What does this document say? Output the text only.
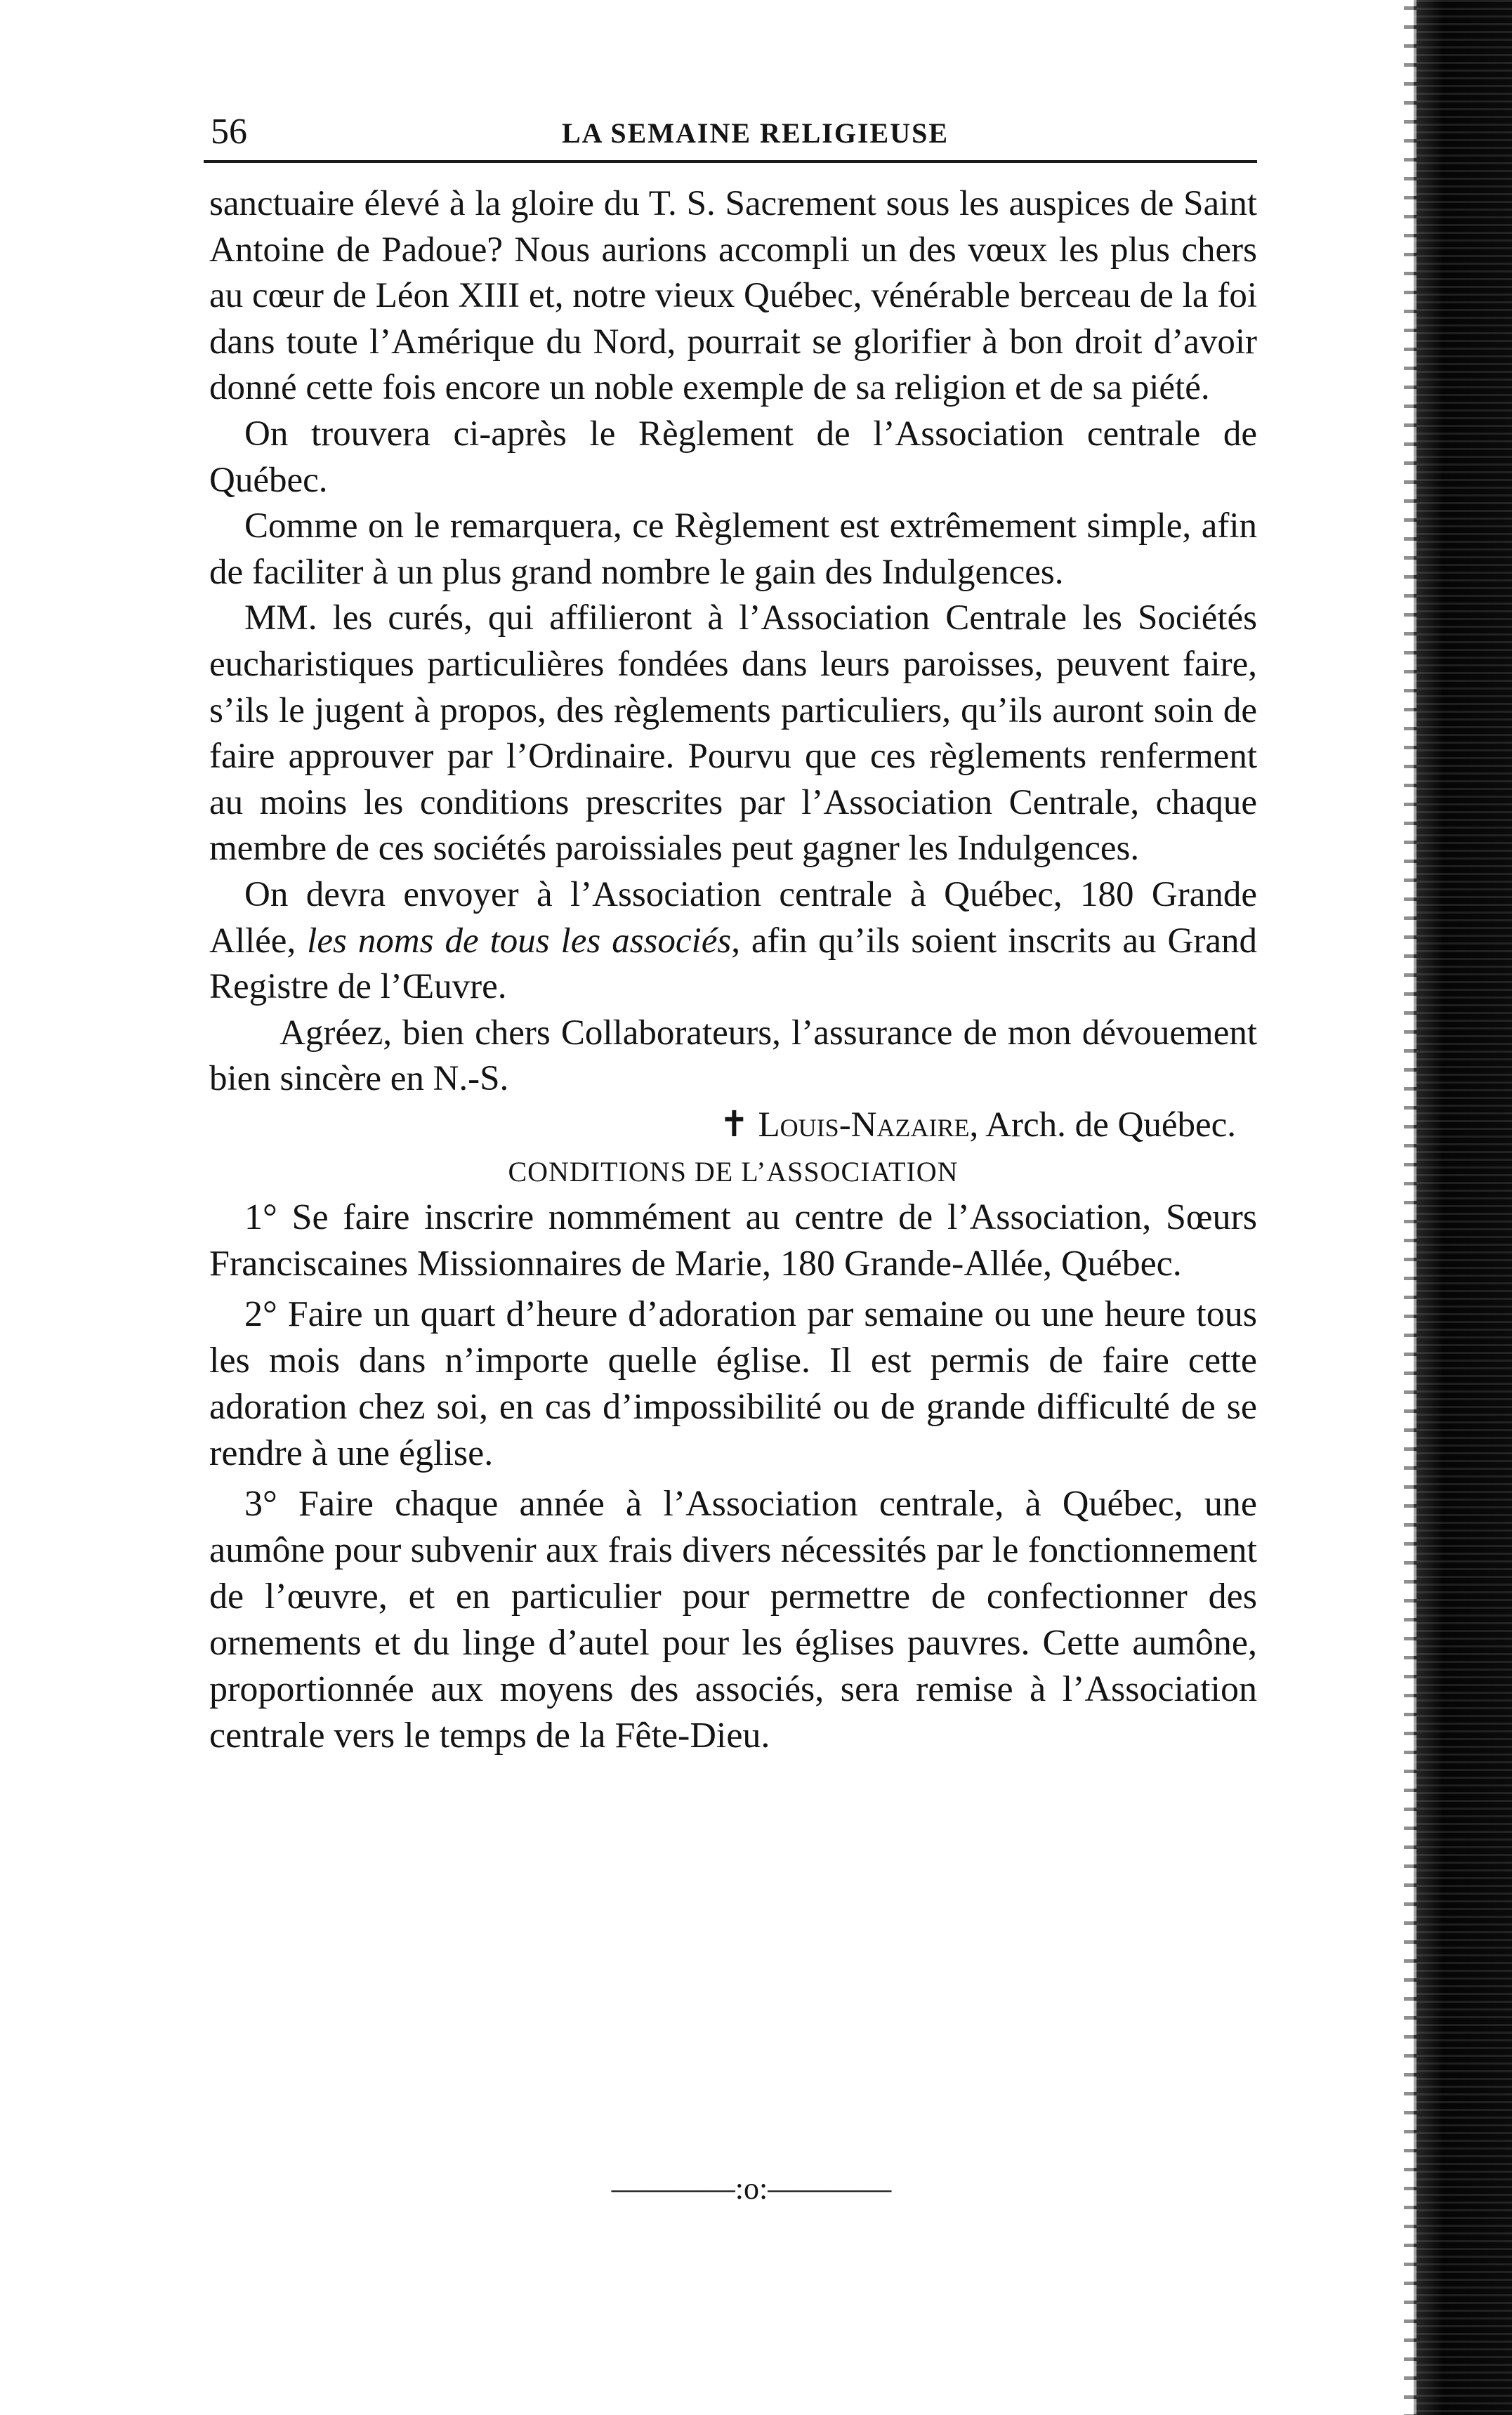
56	LA SEMAINE RELIGIEUSE

sanctuaire élevé à la gloire du T. S. Sacrement sous les auspices de Saint Antoine de Padoue? Nous aurions accompli un des vœux les plus chers au cœur de Léon XIII et, notre vieux Québec, vénérable berceau de la foi dans toute l’Amérique du Nord, pourrait se glorifier à bon droit d’avoir donné cette fois encore un noble exemple de sa religion et de sa piété.

On trouvera ci-après le Règlement de l’Association centrale de Québec.

Comme on le remarquera, ce Règlement est extrêmement simple, afin de faciliter à un plus grand nombre le gain des Indulgences.

MM. les curés, qui affilieront à l’Association Centrale les Sociétés eucharistiques particulières fondées dans leurs paroisses, peuvent faire, s’ils le jugent à propos, des règlements particuliers, qu’ils auront soin de faire approuver par l’Ordinaire. Pourvu que ces règlements renferment au moins les conditions prescrites par l’Association Centrale, chaque membre de ces sociétés paroissiales peut gagner les Indulgences.

On devra envoyer à l’Association centrale à Québec, 180 Grande Allée, les noms de tous les associés, afin qu’ils soient inscrits au Grand Registre de l’Œuvre.

Agréez, bien chers Collaborateurs, l’assurance de mon dévouement bien sincère en N.-S.

✝ Louis-Nazaire, Arch. de Québec.

CONDITIONS DE L’ASSOCIATION

1° Se faire inscrire nommément au centre de l’Association, Sœurs Franciscaines Missionnaires de Marie, 180 Grande-Allée, Québec.

2° Faire un quart d’heure d’adoration par semaine ou une heure tous les mois dans n’importe quelle église. Il est permis de faire cette adoration chez soi, en cas d’impossibilité ou de grande difficulté de se rendre à une église.

3° Faire chaque année à l’Association centrale, à Québec, une aumône pour subvenir aux frais divers nécessités par le fonctionnement de l’œuvre, et en particulier pour permettre de confectionner des ornements et du linge d’autel pour les églises pauvres. Cette aumône, proportionnée aux moyens des associés, sera remise à l’Association centrale vers le temps de la Fête-Dieu.

————:o:————
